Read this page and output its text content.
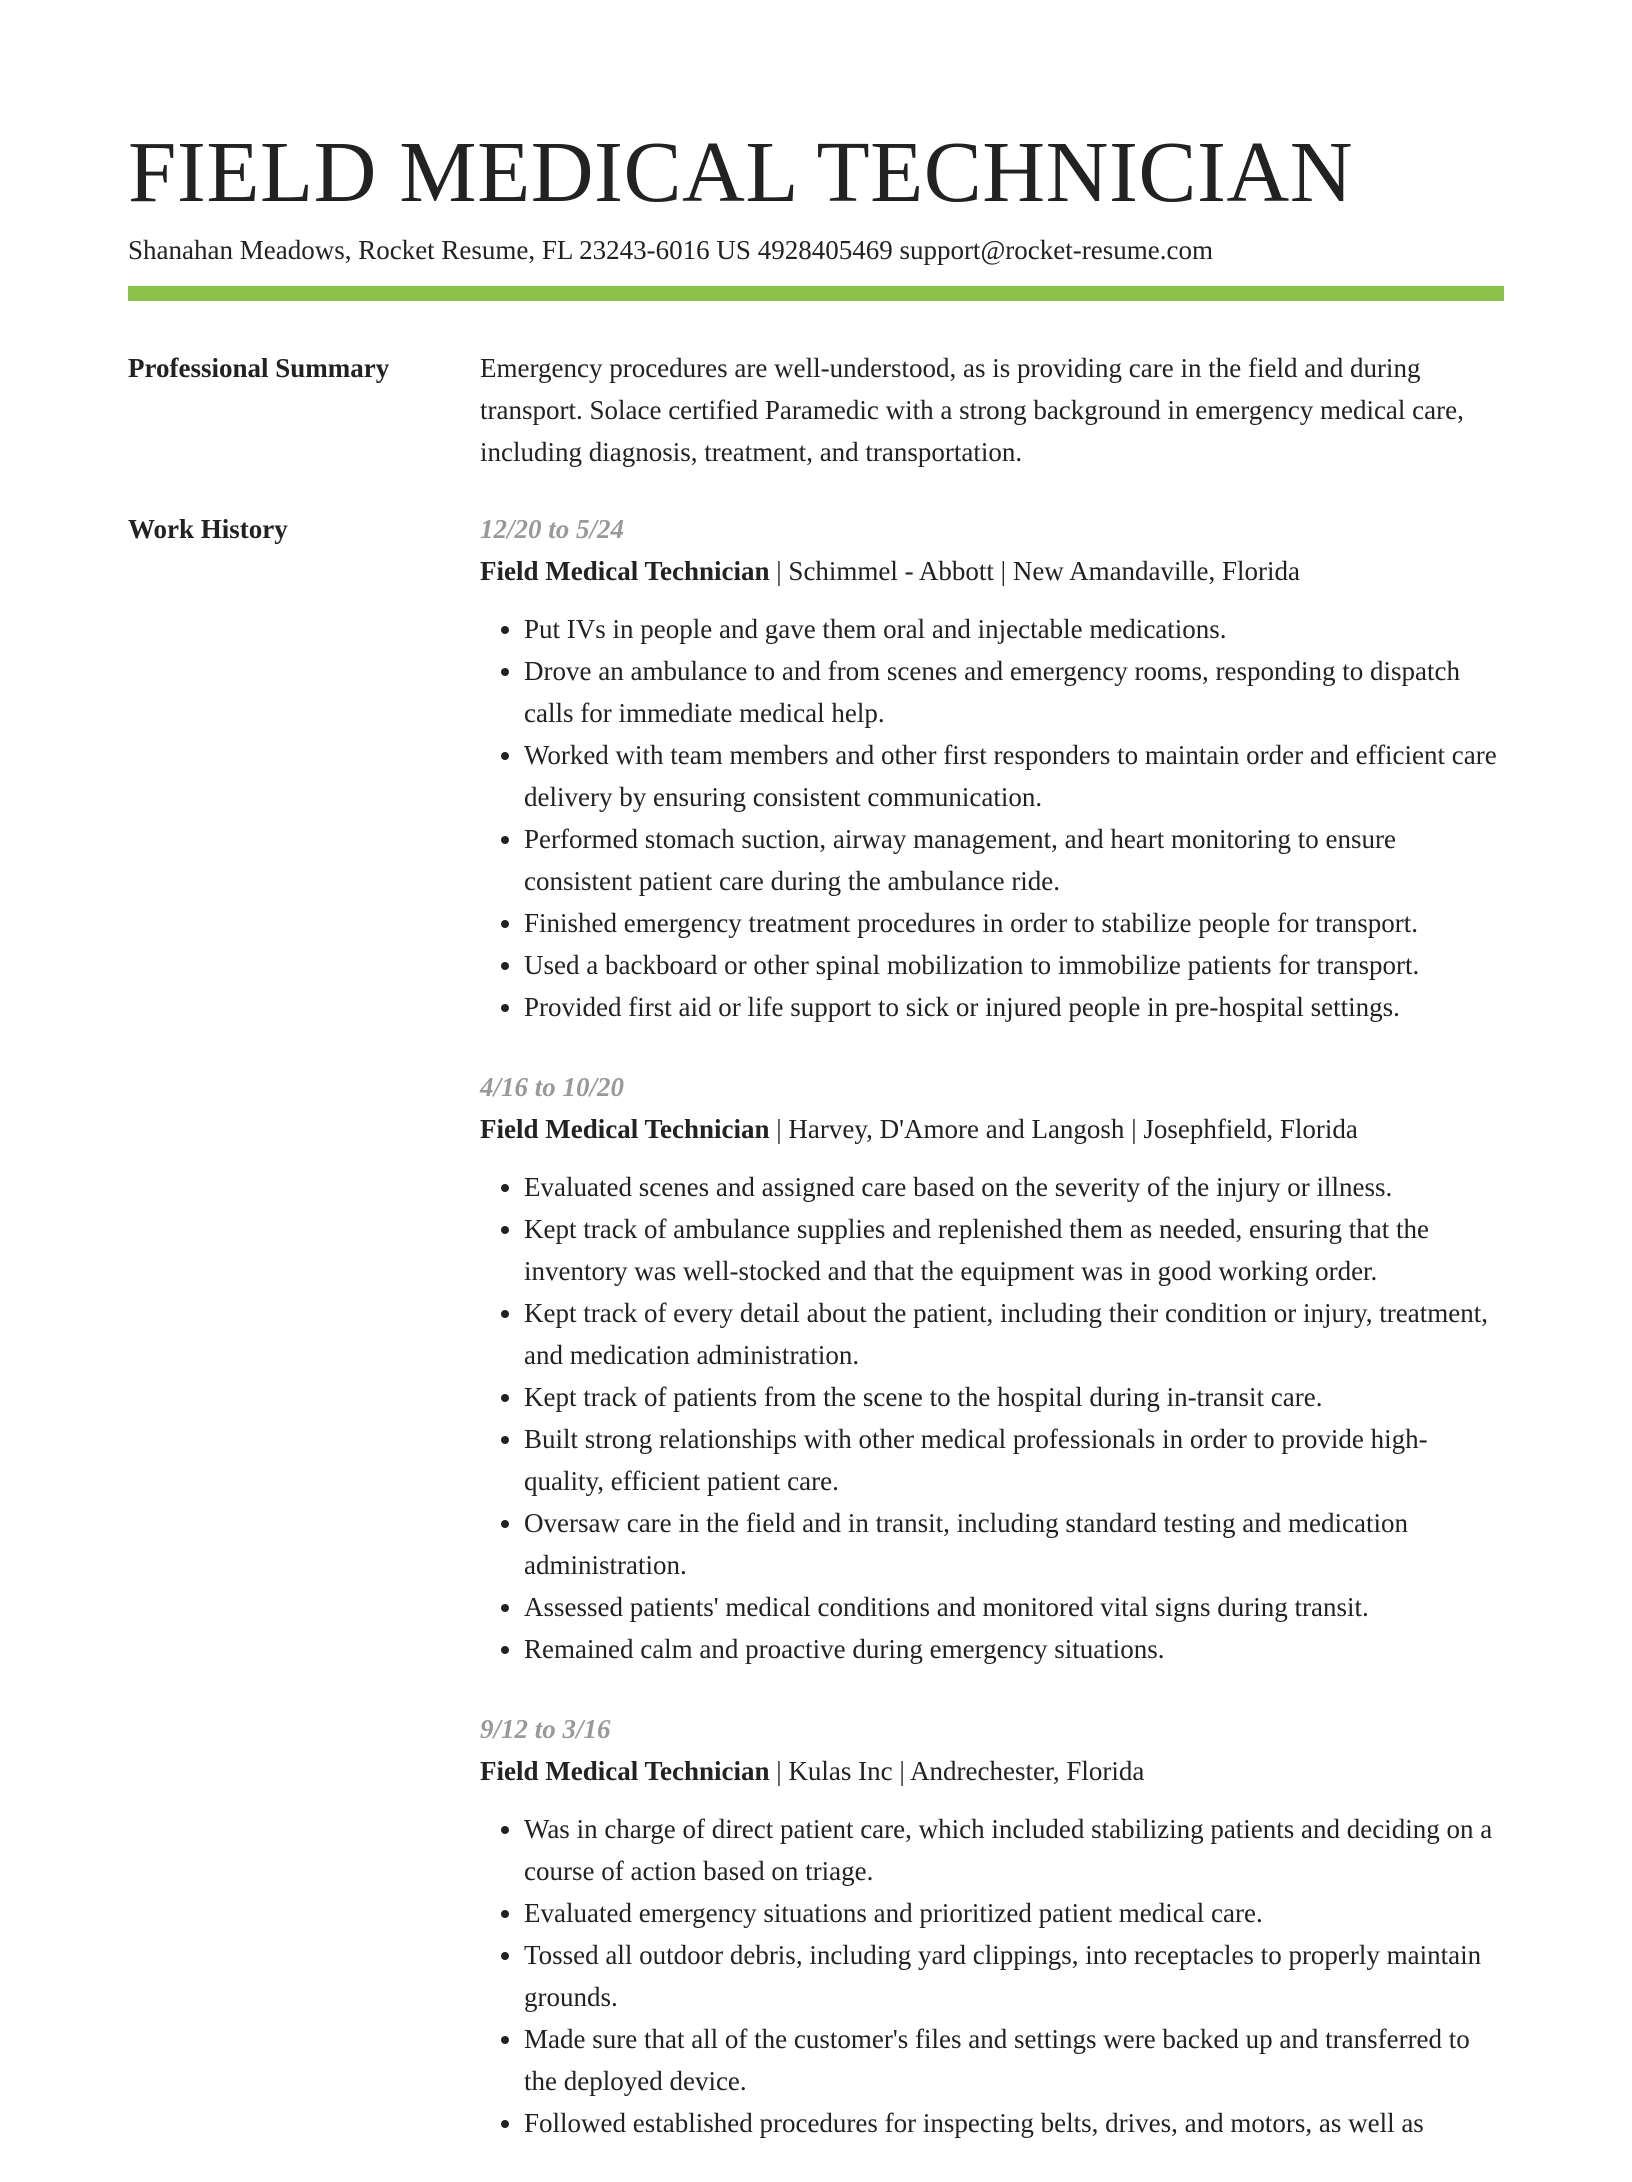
FIELD MEDICAL TECHNICIAN
Shanahan Meadows, Rocket Resume, FL 23243-6016 US 4928405469 support@rocket-resume.com
Professional Summary	Emergency procedures are well-understood, as is providing care in the field and during transport. Solace certified Paramedic with a strong background in emergency medical care, including diagnosis, treatment, and transportation.

Work History	12/20 to 5/24
Field Medical Technician | Schimmel - Abbott | New Amandaville, Florida
• Put IVs in people and gave them oral and injectable medications.
• Drove an ambulance to and from scenes and emergency rooms, responding to dispatch calls for immediate medical help.
• Worked with team members and other first responders to maintain order and efficient care delivery by ensuring consistent communication.
• Performed stomach suction, airway management, and heart monitoring to ensure consistent patient care during the ambulance ride.
• Finished emergency treatment procedures in order to stabilize people for transport.
• Used a backboard or other spinal mobilization to immobilize patients for transport.
• Provided first aid or life support to sick or injured people in pre-hospital settings.
4/16 to 10/20
Field Medical Technician | Harvey, D'Amore and Langosh | Josephfield, Florida
• Evaluated scenes and assigned care based on the severity of the injury or illness.
• Kept track of ambulance supplies and replenished them as needed, ensuring that the inventory was well-stocked and that the equipment was in good working order.
• Kept track of every detail about the patient, including their condition or injury, treatment, and medication administration.
• Kept track of patients from the scene to the hospital during in-transit care.
• Built strong relationships with other medical professionals in order to provide high-quality, efficient patient care.
• Oversaw care in the field and in transit, including standard testing and medication administration.
• Assessed patients' medical conditions and monitored vital signs during transit.
• Remained calm and proactive during emergency situations.
9/12 to 3/16
Field Medical Technician | Kulas Inc | Andrechester, Florida
• Was in charge of direct patient care, which included stabilizing patients and deciding on a course of action based on triage.
• Evaluated emergency situations and prioritized patient medical care.
• Tossed all outdoor debris, including yard clippings, into receptacles to properly maintain grounds.
• Made sure that all of the customer's files and settings were backed up and transferred to the deployed device.
• Followed established procedures for inspecting belts, drives, and motors, as well as
